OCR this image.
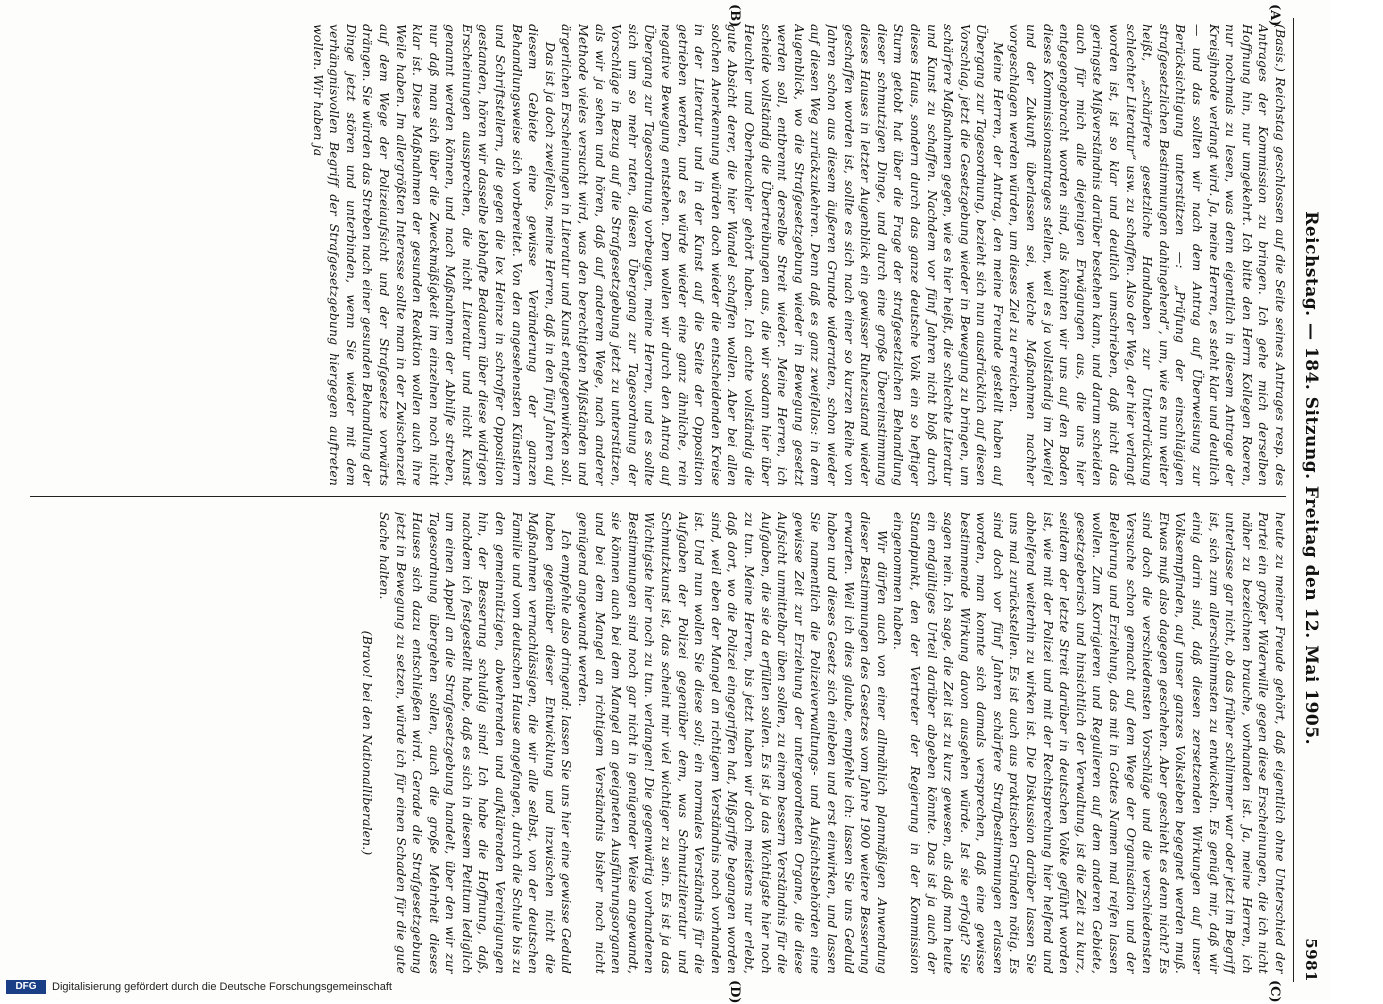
Reichstag. — 184. Sitzung. Freitag den 12. Mai 1905.
5981
(A)
(B)
(C)
(D)

(Basis.) Reichstag geschlossen auf die Seite seines Antrages resp. des Antrages der Kommission zu bringen. Ich gehe mich derselben Hoffnung hin, nur umgekehrt. Ich bitte den Herrn Kollegen Roeren, nur nochmals zu lesen, was denn eigentlich in diesem Antrage der Kreisjhnode verlangt wird. Ja, meine Herren, es steht klar und deutlich — und das sollten wir nach dem Antrag auf Überweisung zur Berücksichtigung unterstützen —: „Prüfung der einschlägigen strafgesetzlichen Bestimmungen dahingehend“, um, wie es nun weiter heißt, „schärfere gesetzliche Handhaben zur Unterdrückung schlechter Literatur“ usw. zu schaffen. Also der Weg, der hier verlangt worden ist, ist so klar und deutlich umschrieben, daß nicht das geringste Mißverständnis darüber bestehen kann, und darum scheiden auch für mich alle diejenigen Erwägungen aus, die uns hier entgegengebracht worden sind, als könnten wir uns auf den Boden dieses Kommissionsantrages stellen, weil es ja vollständig im Zweifel und der Zukunft überlassen sei, welche Maßnahmen nachher vorgeschlagen werden würden, um dieses Ziel zu erreichen.

Meine Herren, der Antrag, den meine Freunde gestellt haben auf Übergang zur Tagesordnung, bezieht sich nun ausdrücklich auf diesen Vorschlag, jetzt die Gesetzgebung wieder in Bewegung zu bringen, um schärfere Maßnahmen gegen, wie es hier heißt, die schlechte Literatur und Kunst zu schaffen. Nachdem vor fünf Jahren nicht bloß durch dieses Haus, sondern durch das ganze deutsche Volk ein so heftiger Sturm getobt hat über die Frage der strafgesetzlichen Behandlung dieser schmutzigen Dinge, und durch eine große Übereinstimmung dieses Hauses in letzter Augenblick ein gewisser Ruhezustand wieder geschaffen worden ist, sollte es sich nach einer so kurzen Reihe von Jahren schon aus diesem äußeren Grunde widerraten, schon wieder auf diesen Weg zurückzukehren. Denn daß es ganz zweifellos: in dem Augenblick, wo die Strafgesetzgebung wieder in Bewegung gesetzt werden soll, entbrennt derselbe Streit wieder. Meine Herren, ich scheide vollständig die Übertreibungen aus, die wir sodann hier über Heuchler und Oberheuchler gehört haben. Ich achte vollständig die gute Absicht derer, die hier Wandel schaffen wollen. Aber bei allen solchen Anerkennung würden doch wieder die entscheidenden Kreise in der Literatur und in der Kunst auf die Seite der Opposition getrieben werden, und es würde wieder eine ganz ähnliche, rein negative Bewegung entstehen. Dem wollen wir durch den Antrag auf Übergang zur Tagesordnung vorbeugen, meine Herren, und es sollte sich um so mehr raten, diesen Übergang zur Tagesordnung der Vorschläge in Bezug auf die Strafgesetzgebung jetzt zu unterstützen, als wir ja sehen und hören, daß auf anderem Wege, nach anderer Methode vieles versucht wird, was den berechtigten Mißständen und ärgerlichen Erscheinungen in Literatur und Kunst entgegenwirken soll.

Das ist ja doch zweifellos, meine Herren, daß in den fünf Jahren auf diesem Gebiete eine gewisse Veränderung der ganzen Behandlungsweise sich vorbereitet. Von den angesehensten Künstlern und Schriftstellern, die gegen die lex Heinze in schroffer Opposition gestanden, hören wir dasselbe lebhafte Bedauern über diese widrigen Erscheinungen aussprechen, die nicht Literatur und nicht Kunst genannt werden können, und nach Maßnahmen der Abhilfe streben, nur daß man sich über die Zweckmäßigkeit im einzelnen noch nicht klar ist. Diese Maßnahmen der gesunden Reaktion wollen auch ihre Weile haben. Im allergrößten Interesse sollte man in der Zwischenzeit auf dem Wege der Polizeiaufsicht und der Strafgesetze vorwärts drängen. Sie würden das Streben nach einer gesunden Behandlung der Dinge jetzt stören und unterbinden, wenn Sie wieder mit dem verhängnisvollen Begriff der Strafgesetzgebung hiergegen auftreten wollen. Wir haben ja

heute zu meiner Freude gehört, daß eigentlich ohne Unterschied der Partei ein großer Widerwille gegen diese Erscheinungen, die ich nicht näher zu bezeichnen brauche, vorhanden ist. Ja, meine Herren, ich unterlasse gar nicht, ob das früher schlimmer war oder jetzt im Begriff ist, sich zum allerschlimmsten zu entwickeln. Es genügt mir, daß wir einig darin sind, daß diesen zersetzenden Wirkungen auf unser Volksempfinden, auf unser ganzes Volksleben begegnet werden muß. Etwas muß also dagegen geschehen. Aber geschieht es denn nicht? Es sind doch die verschiedensten Vorschläge und die verschiedensten Versuche schon gemacht auf dem Wege der Organisation und der Belehrung und Erziehung, das mit in Gottes Namen mal reifen lassen wollen. Zum Korrigieren und Regulieren auf dem anderen Gebiete, gesetzgeberisch und hinsichtlich der Verwaltung, ist die Zeit zu kurz, seitdem der letzte Streit darüber in deutschen Volke geführt worden ist, wie mit der Polizei und mit der Rechtsprechung hier helfend und abhelfend weiterhin zu wirken ist. Die Diskussion darüber lassen Sie uns mal zurückstellen. Es ist auch aus praktischen Gründen nötig. Es sind doch vor fünf Jahren schärfere Strafbestimmungen erlassen worden, man konnte sich damals versprechen, daß eine gewisse bestimmende Wirkung davon ausgehen würde. Ist sie erfolgt? Sie sagen nein. Ich sage, die Zeit ist zu kurz gewesen, als daß man heute ein endgültiges Urteil darüber abgeben könnte. Das ist ja auch der Standpunkt, den der Vertreter der Regierung in der Kommission eingenommen haben.

Wir dürfen auch von einer allmählich planmäßigen Anwendung dieser Bestimmungen des Gesetzes vom Jahre 1900 weitere Besserung erwarten. Weil ich dies glaube, empfehle ich: lassen Sie uns Geduld haben und dieses Gesetz sich einleben und erst einwirken, und lassen Sie namentlich die Polizeiverwaltungs- und Aufsichtsbehörden eine gewisse Zeit zur Erziehung der untergeordneten Organe, die diese Aufsicht unmittelbar üben sollen, zu einem bessern Verständnis für die Aufgaben, die sie da erfüllen sollen. Es ist ja das Wichtigste hier noch zu tun. Meine Herren, bis jetzt haben wir doch meistens nur erlebt, daß dort, wo die Polizei eingegriffen hat, Mißgriffe begangen worden sind, weil eben der Mangel an richtigem Verständnis noch vorhanden ist. Und nun wollen Sie diese soll; ein normales Verständnis für die Aufgaben der Polizei gegenüber dem, was Schmutzliteratur und Schmutzkunst ist, das scheint mir viel wichtiger zu sein. Es ist ja das Wichtigste hier noch zu tun. verlangen! Die gegenwärtig vorhandenen Bestimmungen sind noch gar nicht in genügender Weise angewandt, sie können auch bei dem Mangel an geeigneten Ausführungsorganen und bei dem Mangel an richtigem Verständnis bisher noch nicht genügend angewandt werden.

Ich empfehle also dringend: lassen Sie uns hier eine gewisse Geduld haben gegenüber dieser Entwicklung und inzwischen nicht die Maßnahmen vernachlässigen, die wir alle selbst, von der deutschen Familie und vom deutschen Hause angefangen, durch die Schule bis zu den gemeinnützigen, abwehrenden und aufklärenden Vereinigungen hin, der Besserung schuldig sind! Ich habe die Hoffnung, daß, nachdem ich festgestellt habe, daß es sich in diesem Petitum lediglich um einen Appell an die Strafgesetzgebung handelt, über den wir zur Tagesordnung übergehen sollen, auch die große Mehrheit dieses Hauses sich dazu entschließen wird. Gerade die Strafgesetzgebung jetzt in Bewegung zu setzen, würde ich für einen Schaden für die gute Sache halten.

(Bravo! bei den Nationalliberalen.)

DFG	Digitalisierung gefördert durch die Deutsche Forschungsgemeinschaft
